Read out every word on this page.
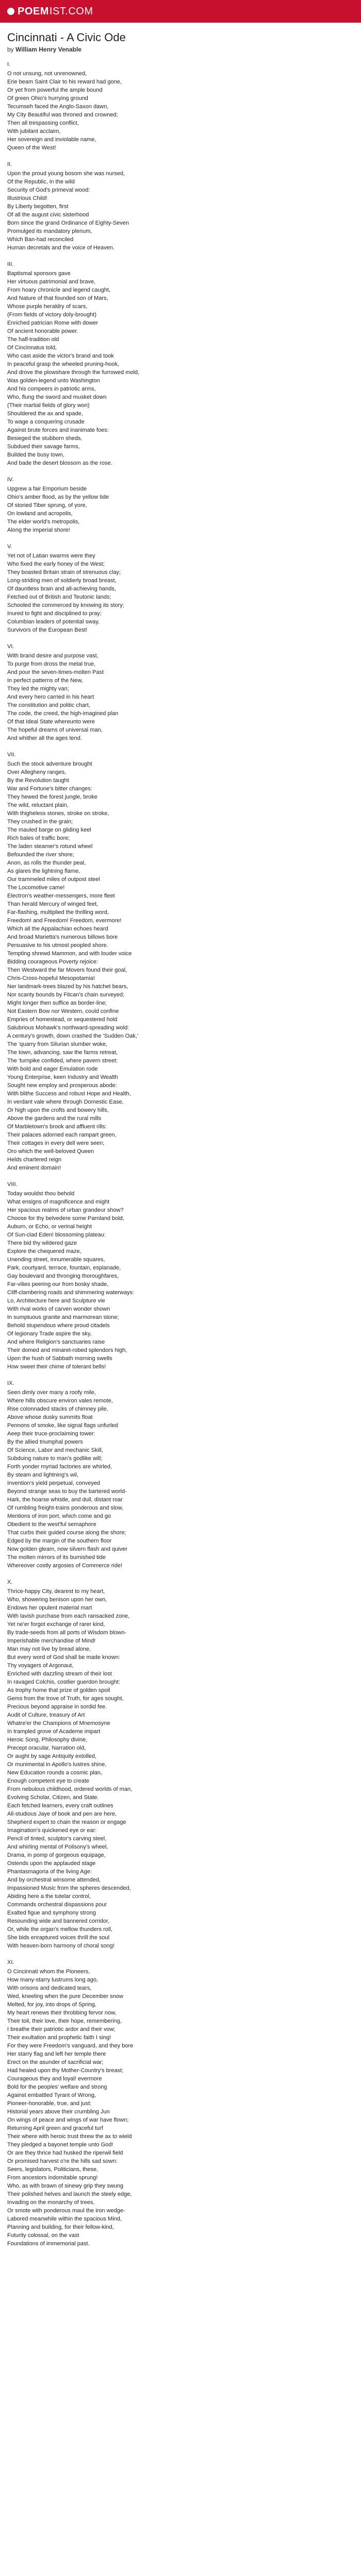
POEM IST.COM
Cincinnati - A Civic Ode
by William Henry Venable

I.

O not unsung, not unrenowned,

Erie beam Saint Clair to his reward had gone,

Or yet from powerful the ample bound

Of green Ohio's hurrying ground

Tecumseh faced the Anglo-Saxon dawn,

My City Beautiful was throned and crowned;

Then all trespassing conflict,

With jubilant acclaim,

Her sovereign and inviolable name,

Queen of the West!

II.

Upon the proud young bosom she was nursed,

Of the Republic, in the wild

Security of God's primeval wood:

Illustrious Child!

By Liberty begotten, first

Of all the august civic sisterhood

Born since the grand Ordinance of Eighty-Seven

Promulged its mandatory plenum,

Which Ban-had reconciled

Human decretals and the voice of Heaven.

III.

Baptismal sponsors gave

Her virtuous patrimonial and brave,

From hoary chronicle and legend caught,

And Nature of that founded son of Mars,

Whose purple heraldry of scars,

(From fields of victory doly-brought)

Enriched patrician Rome with dower

Of ancient honorable power.

The half-tradition old

Of Cincinnatus told,

Who cast aside the victor's brand and took

In peaceful grasp the wheeled pruning-hook,

And drove the plowshare through the furrowed mold,

Was golden-legend unto Washington

And his compeers in patriotic arms,

Who, flung the sword and musket down

(Their martial fields of glory won)

Shouldered the ax and spade,

To wage a conquering crusade

Against brute forces and inanimate foes:

Besieged the stubborn sheds,

Subdued their savage farms,

Builded the busy town,

And bade the desert blossom as the rose.

IV.

Upgrew a fair Emporium beside

Ohio's amber flood, as by the yellow tide

Of storied Tiber sprung, of yore,

On lowland and acropolis,

The elder world's metropolis,

Along the imperial shore!

V.

Yet not of Latian swarms were they

Who fixed the early honey of the West;

They boasted Britain strain of strenuous clay;

Long-striding men of soldierly broad breast,

Of dauntless brain and all-achieving hands,

Fetched out of British and Teutonic lands;

Schooled the commerced by knowing its story;

Inured to fight and disciplined to pray;

Columbian leaders of potential sway,

Survivors of the European Best!

VI.

With brand desire and purpose vast,

To purge from dross the metal true,

And pour the seven-times-molten Past

In perfect patterns of the New,

They led the mighty van;

And every hero carried in his heart

The constitution and politic chart,

The code, the creed, the high-imagined plan

Of that Ideal State whereunto were

The hopeful dreams of universal man,

And whither all the ages tend.

VII.

Such the stock adventure brought

Over Allegheny ranges,

By the Revolution taught

War and Fortune's bitter changes:

They hewed the forest jungle, broke

The wild, reluctant plain,

With thigheless stones, stroke on stroke,

They crushed in the grain;

The mauled barge on gliding keel

Rich bales of traffic bore;

The laden steamer's rotund wheel

Befounded the river shore;

Anon, as rolls the thunder peal,

As glares the lightning flame,

Our trammeled miles of outpost steel

The Locomotive came!

Electron's weather-messengers, more fleet

Than herald Mercury of winged feet,

Far-flashing, multiplied the thrilling word,

Freedom! and Freedom! Freedom, evermore!

Which all the Appalachian echoes heard

And broad Marietta's numerous billows bore

Persuasive to his utmost peopled shore.

Tempting shrewd Mammon, and with louder voice

Bidding courageous Poverty rejoice:

Then Westward the far Movers found their goal,

Chris-Cross-hopeful Mesopotamia!

Ner landmark-trees blazed by his hatchet bears,

Nor scanty bounds by Fitcan's chain surveyed;

Might longer then suffice as border-line;

Not Eastern Bow nor Western, could confine

Empries of homestead, or sequestered hold

Salubrious Mohawk's northward-spreading wold:

A century's growth, down crashed the 'Sudden Oak,'

The 'quarry from Silurian slumber woke,

The town, advancing, saw the farms retreat,

The 'turnpike confided, where pavern street:

With bold and eager Emulation rode

Young Enterprise, keen Industry and Wealth

Sought new employ and prosperous abode:

With blithe Success and robust Hope and Health,

In verdant vale where through Domestic Ease,

Or high upon the crofts and bowery hills,

Above the gardens and the rural mills

Of Marbletown's brook and affluent rills:

Their palaces adorned each rampart green,

Their cottages in every dell were seen;

Oro which the well-beloved Queen

Helds chartered reign

And eminent domain!

VIII.

Today wouldst thou behold

What ensigns of magnificence and might

Her spacious realms of urban grandeur show?

Choose for thy belvedere some Parnland bold,

Auburn, or Echo, or verinal height

Of Sun-clad Eden! blossoming plateau:

There bid thy wildered gaze

Explore the chequered maze,

Unending street, innumerable squares,

Park, courtyard, terrace, fountain, esplanade,

Gay boulevard and thronging thoroughfares,

Far-vilies peering our from bosky shade,

Cliff-clambering roads and shimmering waterways:

Lo, Architecture here and Sculpture vie

With rival works of carven wonder shown

In sumptuous granite and marmorean stone;

Behold stupendous where proud citadels

Of legionary Trade aspire the sky,

And where Religion's sanctuaries raise

Their domed and minaret-robed splendors high,

Upon the hush of Sabbath morning swells

How sweet their chime of tolerant bells!

IX.

Seen dimly over many a roofy mile,

Where hills obscure environ vales remote,

Rise colonnaded stacks of chimney pile,

Above whose dusky summits float

Pennons of smoke, like signal flags unfurled

Aeep their truce-proclaiming tower:

By the allied triumphal powers

Of Science, Labor and mechanic Skill,

Subduing nature to man's godlike will;

Forth yonder myriad factories are whirled,

By steam and lightning's wil,

Invention's yield perpetual, conveyed

Beyond strange seas to buy the bartered world-

Hark, the hoarse whistle, and dull, distant roar

Of rumbling freight-trains ponderous and slow,

Mentions of iron port, which come and go

Obedient to the west'ful semaphore

That curbs their guided course along the shore;

Edged by the margin of the southern floor

Now golden gleam, now silvern flash and quiver

The molten mirrors of its burnished tide

Whereover costly argosies of Commerce ride!

X.

Thrice-happy City, dearest to my heart,

Who, showering benison upon her own,

Endows her opulent material mart

With lavish purchase from each ransacked zone,

Yet ne'er forgot exchange of rarer kind,

By trade-seeds from all ports of Wisdom blown-

Imperishable merchandise of Mind!

Man may not live by bread alone,

But every word of God shall be made known:

Thy voyagers of Argonaut,

Enriched with dazzling stream of their lost

In ravaged Colchis, costlier guerdon brought:

As trophy home that prize of golden spoil

Gems from the trove of Truth, for ages sought,

Precious beyond appraise in sordid fee.

Audit of Culture, treasury of Art

Whatre'er the Champions of Mnemosyne

In trampled grove of Academe impart

Heroic Song, Philosophy divine,

Precept oracular, Narration old,

Or aught by sage Antiquity extolled,

Or munimental in Apollo's lustres shine,

New Education rounds a cosmic plan,

Enough competent eye to create

From nebulous childhood, ordered worlds of man,

Evolving Scholar, Citizen, and State.

Each fetched learners, every craft outlines

All-studious Jaye of book and pen are here,

Shepherd expert to chain the reason or engage

Imagination's quickened eye or ear:

Pencil of tinted, sculptor's carving steel,

And whirling mental of Polisony's wheel,

Drama, in pomp of gorgeous equipage,

Ostends upon the applauded stage

Phantasmagoria of the living Age:

And by orchestral winsome attended,

Impassioned Music from the spheres descended,

Abiding here a the tutelar control,

Commands orchestral dispassions pour

Exalted figue and symphony strong

Resounding wide and bannered corridor,

Or, while the organ's mellow thunders roll,

She bids enraptured voices thrill the soul

With heaven-born harmony of choral song!

XI.

O Cincinnati whom the Pioneers,

How many-starry lustrums long ago,

With orisons and dedicated tears,

Wed, kneeling when the pure December snow

Melted, for joy, into drops of Spring,

My heart renews their throbbing fervor now,

Their toil, their love, their hope, remembering,

I breathe their patriotic ardor and their vow;

Their exultation and prophetic faith I sing!

For they were Freedom's vanguard, and they bore

Her starry flag and left her temple there

Erect on the asunder of sacrificial war;

Had healed upon thy Mother-Country's breast;

Courageous they and loyal! evermore

Bold for the peoples' welfare and strong

Against embattled Tyrant of Wrong,

Pioneer-honorable, true, and just:

Historial years above their crumbling Jun

On wings of peace and wings of war have flown;

Returning April green and graceful turf

Their where with heroic trust threw the ax to wield

They pledged a bayonet temple unto God!

Or are they thrice had husked the riperwil field

Or promised harvest o're the hills sad sown:

Seers, legislators, Politicians, these,

From ancestors indomitable sprung!

Who, as with brawn of sinewy grip they swung

Their polished helves and launch the steely edge,

Invading on the monarchy of trees,

Or smote with ponderous maul the iron wedge-

Labored meanwhile within the spacious Mind,

Planning and building, for their fellow-kind,

Futurity colossal, on the vast

Foundations of immemorial past.
